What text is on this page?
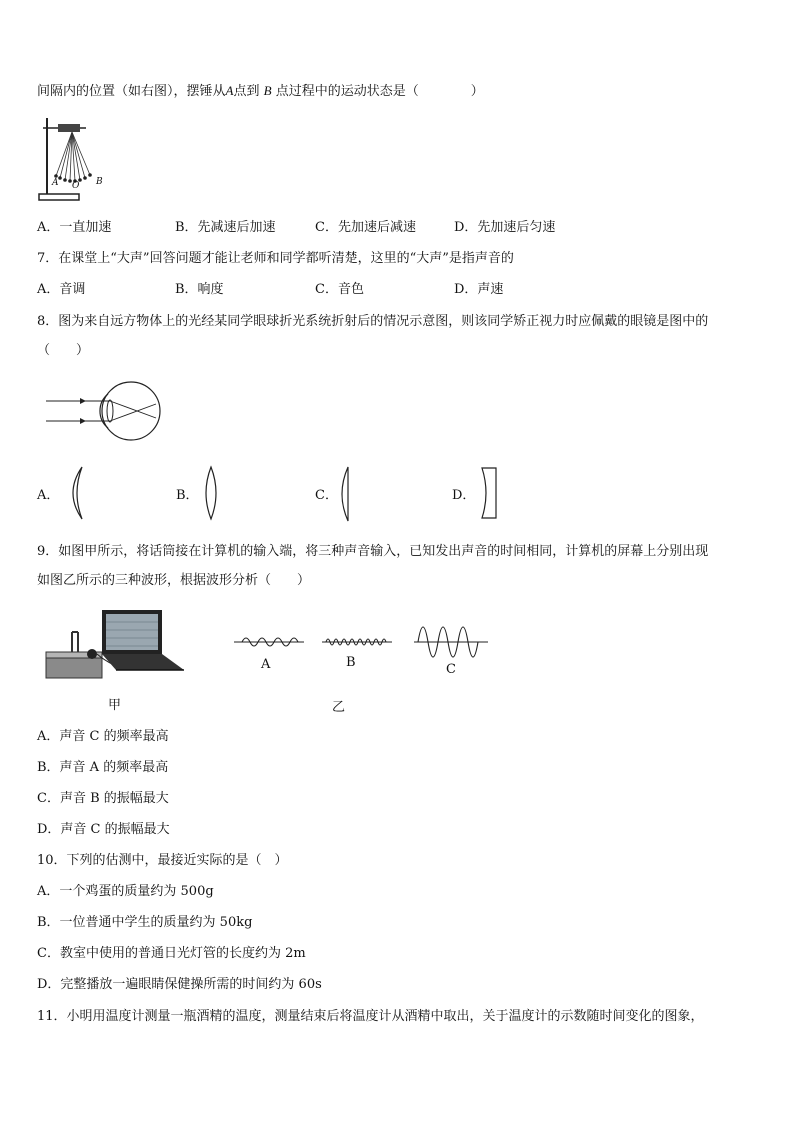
间隔内的位置（如右图），摆锤从A点到 B 点过程中的运动状态是（　　　　）
A O B
A．一直加速	B．先减速后加速	C．先加速后减速	D．先加速后匀速
7．在课堂上“大声”回答问题才能让老师和同学都听清楚，这里的“大声”是指声音的
A．音调	B．响度	C．音色	D．声速
8．图为来自远方物体上的光经某同学眼球折光系统折射后的情况示意图，则该同学矫正视力时应佩戴的眼镜是图中的
（　　）
A．	B．	C．	D．
9．如图甲所示，将话筒接在计算机的输入端，将三种声音输入，已知发出声音的时间相同，计算机的屏幕上分别出现
如图乙所示的三种波形，根据波形分析（　　）
甲	乙
A	B	C
A．声音 C 的频率最高
B．声音 A 的频率最高
C．声音 B 的振幅最大
D．声音 C 的振幅最大
10．下列的估测中，最接近实际的是（　）
A．一个鸡蛋的质量约为 500g
B．一位普通中学生的质量约为 50kg
C．教室中使用的普通日光灯管的长度约为 2m
D．完整播放一遍眼睛保健操所需的时间约为 60s
11．小明用温度计测量一瓶酒精的温度，测量结束后将温度计从酒精中取出，关于温度计的示数随时间变化的图象，
